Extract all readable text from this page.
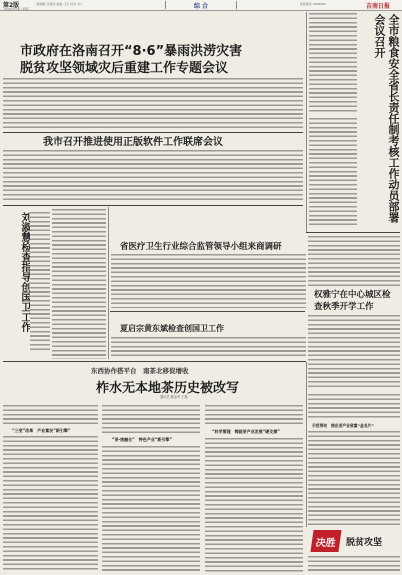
第2版
2018年8月8日 星期三
二版编辑: 张建华 美编: 王宇 校对: 刘一	综 合	新闻热线: 0000000	吉南日报
市政府在洛南召开“8·6”暴雨洪涝灾害
脱贫攻坚领域灾后重建工作专题会议
我市召开推进使用正版软件工作联席会议	全市粮食安全省长责任制考核工作动员部署会议召开
刘淑慧检查指导创国卫工作	省医疗卫生行业综合监管领导小组来商调研
权雅宁在中心城区检查秋季开学工作
夏启宗黄东斌检查创国卫工作
东西协作搭平台　南茶北移促增收
柞水无本地茶历史被改写
通讯员 陈金军 王琪
“三变”改革　产业富民“新引擎”
“茶·旅融合”　特色产业“新引擎”
“科学管理　铸就茶产业发展“硬支撑”
示范带动　推出茶产业致富“金名片”
决胜 脱贫攻坚
